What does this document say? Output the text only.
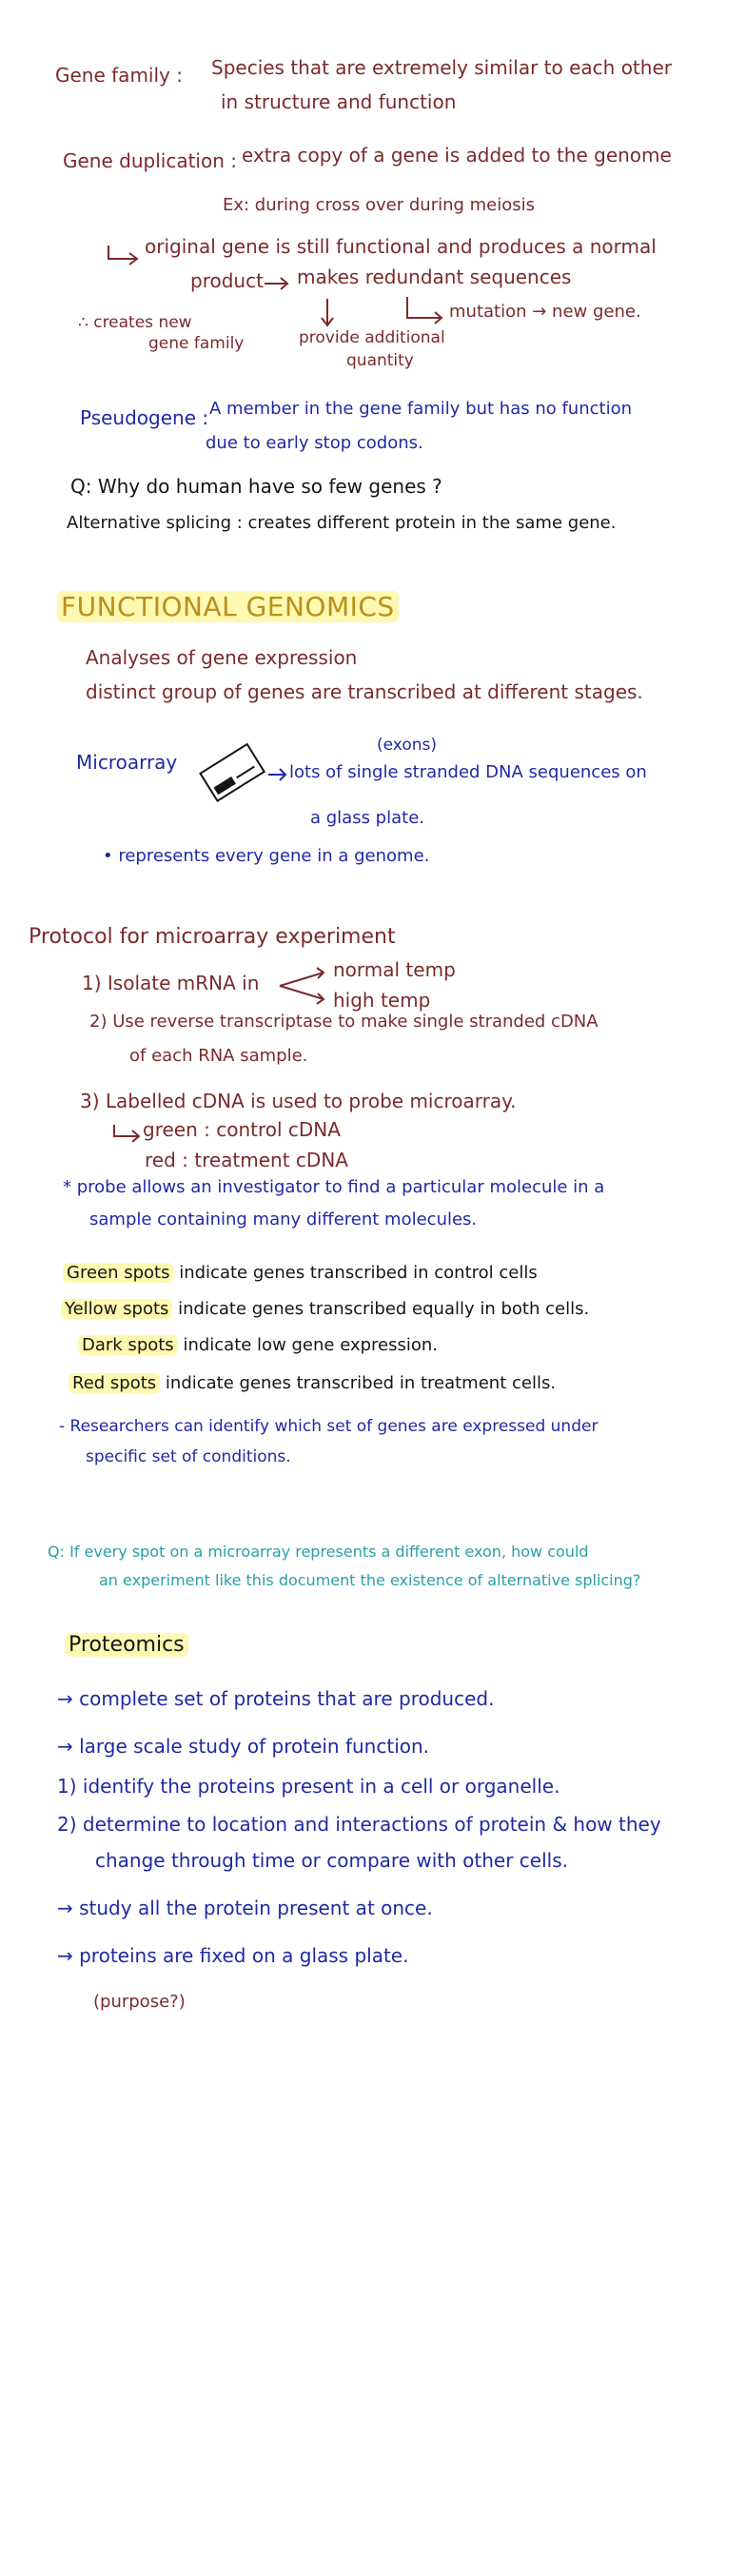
Gene family : Species that are extremely similar to each other
in structure and function
Gene duplication : extra copy of a gene is added to the genome
Ex: during cross over during meiosis
original gene is still functional and produces a normal
product makes redundant sequences
∴ creates new
gene family	provide additional
quantity
mutation → new gene.
Pseudogene : A member in the gene family but has no function
due to early stop codons.
Q: Why do human have so few genes ?
Alternative splicing : creates different protein in the same gene.
FUNCTIONAL GENOMICS
Analyses of gene expression
distinct group of genes are transcribed at different stages.
Microarray
(exons)
lots of single stranded DNA sequences on
a glass plate.
• represents every gene in a genome.
Protocol for microarray experiment
1) Isolate mRNA in
normal temp
high temp
2) Use reverse transcriptase to make single stranded cDNA
of each RNA sample.
3) Labelled cDNA is used to probe microarray.
green : control cDNA
red : treatment cDNA
* probe allows an investigator to find a particular molecule in a
sample containing many different molecules.
Green spots indicate genes transcribed in control cells
Yellow spots indicate genes transcribed equally in both cells.
Dark spots indicate low gene expression.
Red spots indicate genes transcribed in treatment cells.
- Researchers can identify which set of genes are expressed under
specific set of conditions.
Q: If every spot on a microarray represents a different exon, how could
an experiment like this document the existence of alternative splicing?
Proteomics
→ complete set of proteins that are produced.
→ large scale study of protein function.
1) identify the proteins present in a cell or organelle.
2) determine to location and interactions of protein & how they
change through time or compare with other cells.
→ study all the protein present at once.
→ proteins are fixed on a glass plate.
(purpose?)
